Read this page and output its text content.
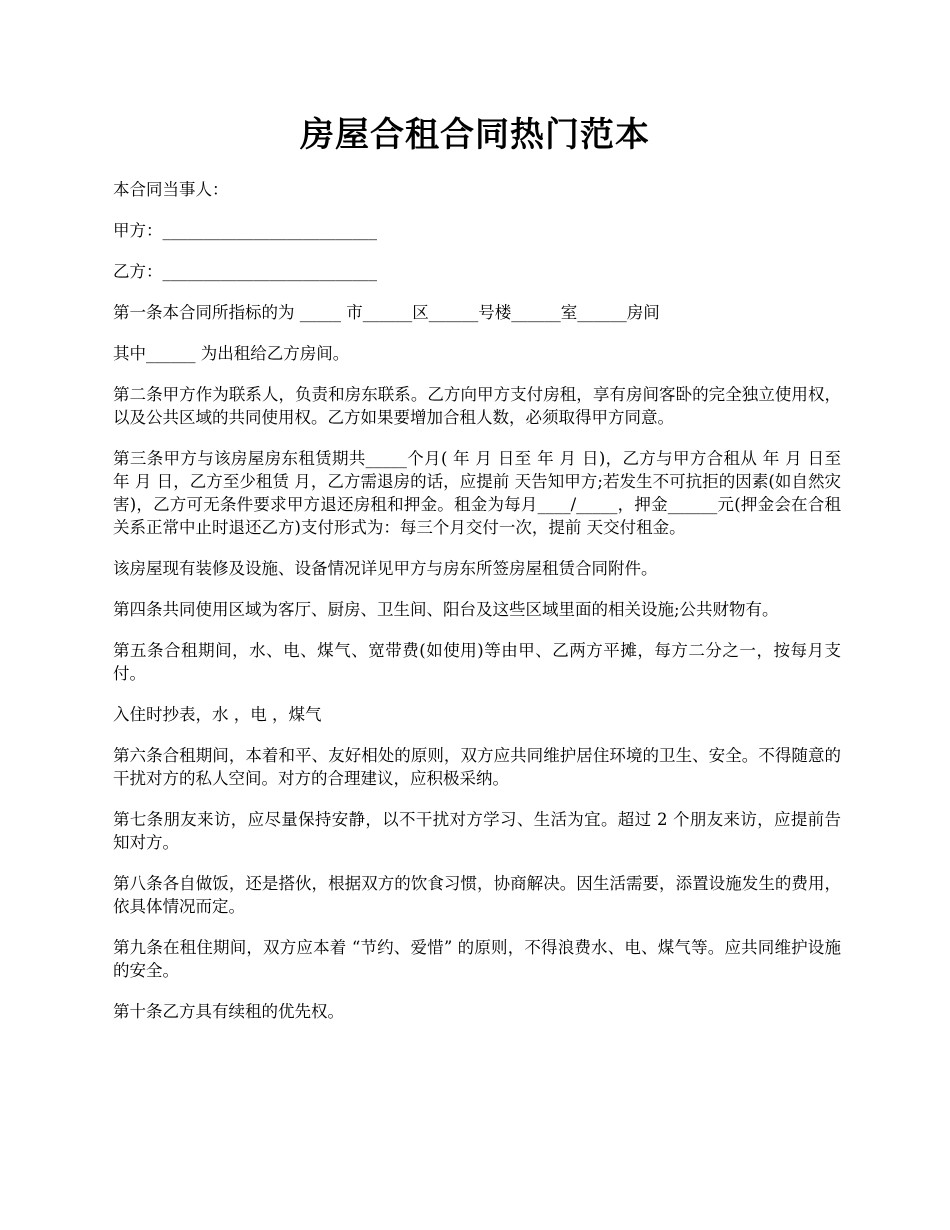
房屋合租合同热门范本

本合同当事人：

甲方：__________________________

乙方：__________________________

第一条本合同所指标的为 _____ 市______区______号楼______室______房间

其中______ 为出租给乙方房间。

第二条甲方作为联系人，负责和房东联系。乙方向甲方支付房租，享有房间客卧的完全独立使用权，以及公共区域的共同使用权。乙方如果要增加合租人数，必须取得甲方同意。

第三条甲方与该房屋房东租赁期共_____个月( 年 月 日至 年 月 日)，乙方与甲方合租从 年 月 日至 年 月 日，乙方至少租赁 月，乙方需退房的话，应提前 天告知甲方;若发生不可抗拒的因素(如自然灾害)，乙方可无条件要求甲方退还房租和押金。租金为每月____/_____，押金______元(押金会在合租关系正常中止时退还乙方)支付形式为：每三个月交付一次，提前 天交付租金。

该房屋现有装修及设施、设备情况详见甲方与房东所签房屋租赁合同附件。

第四条共同使用区域为客厅、厨房、卫生间、阳台及这些区域里面的相关设施;公共财物有。

第五条合租期间，水、电、煤气、宽带费(如使用)等由甲、乙两方平摊，每方二分之一，按每月支付。

入住时抄表，水 ，电 ，煤气

第六条合租期间，本着和平、友好相处的原则，双方应共同维护居住环境的卫生、安全。不得随意的干扰对方的私人空间。对方的合理建议，应积极采纳。

第七条朋友来访，应尽量保持安静，以不干扰对方学习、生活为宜。超过 2 个朋友来访，应提前告知对方。

第八条各自做饭，还是搭伙，根据双方的饮食习惯，协商解决。因生活需要，添置设施发生的费用，依具体情况而定。

第九条在租住期间，双方应本着 “节约、爱惜” 的原则，不得浪费水、电、煤气等。应共同维护设施的安全。

第十条乙方具有续租的优先权。
